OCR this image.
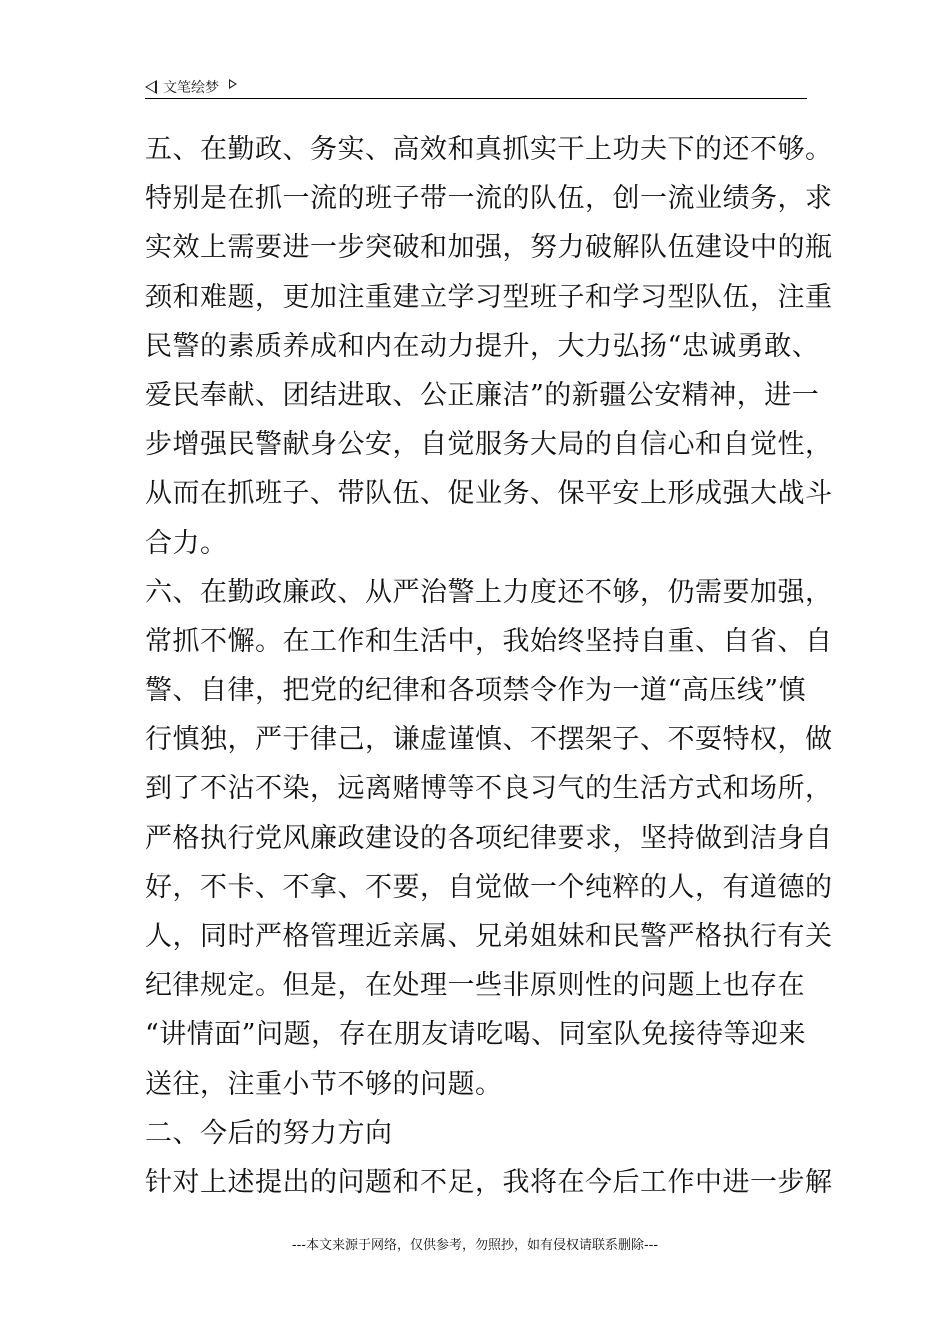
文笔绘梦
五、在勤政、务实、高效和真抓实干上功夫下的还不够。
特别是在抓一流的班子带一流的队伍，创一流业绩务，求
实效上需要进一步突破和加强，努力破解队伍建设中的瓶
颈和难题，更加注重建立学习型班子和学习型队伍，注重
民警的素质养成和内在动力提升，大力弘扬“忠诚勇敢、
爱民奉献、团结进取、公正廉洁”的新疆公安精神，进一
步增强民警献身公安，自觉服务大局的自信心和自觉性，
从而在抓班子、带队伍、促业务、保平安上形成强大战斗
合力。
六、在勤政廉政、从严治警上力度还不够，仍需要加强，
常抓不懈。在工作和生活中，我始终坚持自重、自省、自
警、自律，把党的纪律和各项禁令作为一道“高压线”慎
行慎独，严于律己，谦虚谨慎、不摆架子、不耍特权，做
到了不沾不染，远离赌博等不良习气的生活方式和场所，
严格执行党风廉政建设的各项纪律要求，坚持做到洁身自
好，不卡、不拿、不要，自觉做一个纯粹的人，有道德的
人，同时严格管理近亲属、兄弟姐妹和民警严格执行有关
纪律规定。但是，在处理一些非原则性的问题上也存在
“讲情面”问题，存在朋友请吃喝、同室队免接待等迎来
送往，注重小节不够的问题。
二、今后的努力方向
针对上述提出的问题和不足，我将在今后工作中进一步解
---本文来源于网络，仅供参考，勿照抄，如有侵权请联系删除---
